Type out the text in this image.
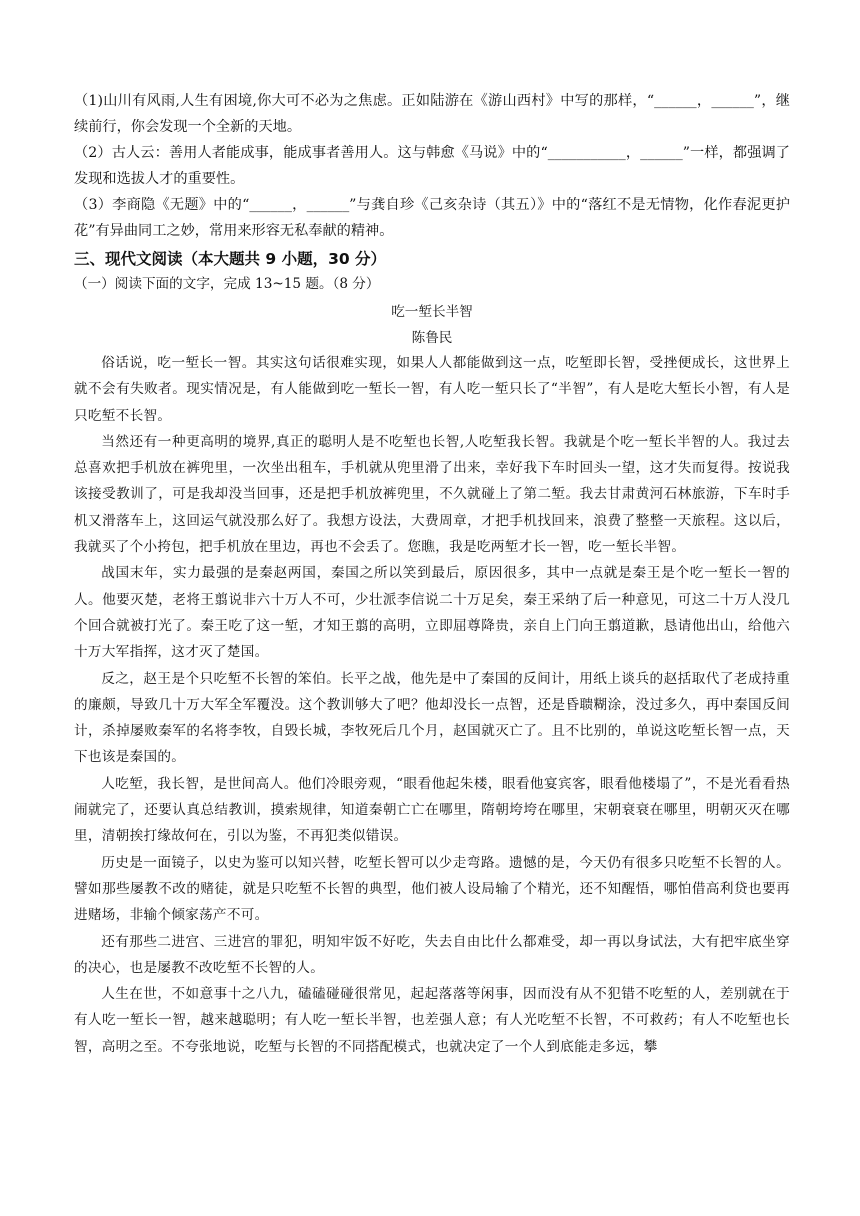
（1)山川有风雨,人生有困境,你大可不必为之焦虑。正如陆游在《游山西村》中写的那样，“______，______”，继续前行，你会发现一个全新的天地。

（2）古人云：善用人者能成事，能成事者善用人。这与韩愈《马说》中的“___________，______”一样，都强调了发现和选拔人才的重要性。

（3）李商隐《无题》中的“______，______”与龚自珍《己亥杂诗（其五）》中的“落红不是无情物，化作春泥更护花”有异曲同工之妙，常用来形容无私奉献的精神。

三、现代文阅读（本大题共 9 小题，30 分）

（一）阅读下面的文字，完成 13~15 题。（8 分）

吃一堑长半智

陈鲁民

俗话说，吃一堑长一智。其实这句话很难实现，如果人人都能做到这一点，吃堑即长智，受挫便成长，这世界上就不会有失败者。现实情况是，有人能做到吃一堑长一智，有人吃一堑只长了“半智”，有人是吃大堑长小智，有人是只吃堑不长智。

当然还有一种更高明的境界,真正的聪明人是不吃堑也长智,人吃堑我长智。我就是个吃一堑长半智的人。我过去总喜欢把手机放在裤兜里，一次坐出租车，手机就从兜里滑了出来，幸好我下车时回头一望，这才失而复得。按说我该接受教训了，可是我却没当回事，还是把手机放裤兜里，不久就碰上了第二堑。我去甘肃黄河石林旅游，下车时手机又滑落车上，这回运气就没那么好了。我想方设法，大费周章，才把手机找回来，浪费了整整一天旅程。这以后，我就买了个小挎包，把手机放在里边，再也不会丢了。您瞧，我是吃两堑才长一智，吃一堑长半智。

战国末年，实力最强的是秦赵两国，秦国之所以笑到最后，原因很多，其中一点就是秦王是个吃一堑长一智的人。他要灭楚，老将王翦说非六十万人不可，少壮派李信说二十万足矣，秦王采纳了后一种意见，可这二十万人没几个回合就被打光了。秦王吃了这一堑，才知王翦的高明，立即屈尊降贵，亲自上门向王翦道歉，恳请他出山，给他六十万大军指挥，这才灭了楚国。

反之，赵王是个只吃堑不长智的笨伯。长平之战，他先是中了秦国的反间计，用纸上谈兵的赵括取代了老成持重的廉颇，导致几十万大军全军覆没。这个教训够大了吧？他却没长一点智，还是昏聩糊涂，没过多久，再中秦国反间计，杀掉屡败秦军的名将李牧，自毁长城，李牧死后几个月，赵国就灭亡了。且不比别的，单说这吃堑长智一点，天下也该是秦国的。

人吃堑，我长智，是世间高人。他们冷眼旁观，“眼看他起朱楼，眼看他宴宾客，眼看他楼塌了”，不是光看看热闹就完了，还要认真总结教训，摸索规律，知道秦朝亡亡在哪里，隋朝垮垮在哪里，宋朝衰衰在哪里，明朝灭灭在哪里，清朝挨打缘故何在，引以为鉴，不再犯类似错误。

历史是一面镜子，以史为鉴可以知兴替，吃堑长智可以少走弯路。遗憾的是，今天仍有很多只吃堑不长智的人。譬如那些屡教不改的赌徒，就是只吃堑不长智的典型，他们被人设局输了个精光，还不知醒悟，哪怕借高利贷也要再进赌场，非输个倾家荡产不可。

还有那些二进宫、三进宫的罪犯，明知牢饭不好吃，失去自由比什么都难受，却一再以身试法，大有把牢底坐穿的决心，也是屡教不改吃堑不长智的人。

人生在世，不如意事十之八九，磕磕碰碰很常见，起起落落等闲事，因而没有从不犯错不吃堑的人，差别就在于有人吃一堑长一智，越来越聪明；有人吃一堑长半智，也差强人意；有人光吃堑不长智，不可救药；有人不吃堑也长智，高明之至。不夸张地说，吃堑与长智的不同搭配模式，也就决定了一个人到底能走多远，攀
